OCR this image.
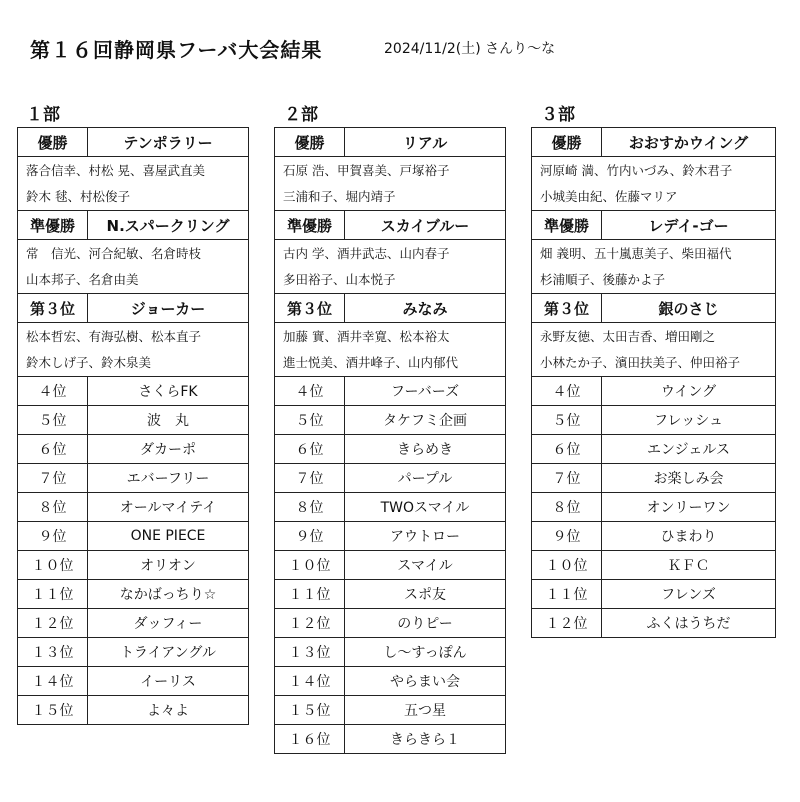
第１６回静岡県フーバ大会結果	2024/11/2(土) さんり〜な
１部
優勝	テンポラリー
落合信幸、村松 晃、喜屋武直美
鈴木 毬、村松俊子
準優勝	N.スパークリング
常　信光、河合紀敏、名倉時枝
山本邦子、名倉由美
第３位	ジョーカー
松本哲宏、有海弘樹、松本直子
鈴木しげ子、鈴木泉美
４位	さくらFK
５位	波　丸
６位	ダカーポ
７位	エバーフリー
８位	オールマイテイ
９位	ONE PIECE
１０位	オリオン
１１位	なかばっちり☆
１２位	ダッフィー
１３位	トライアングル
１４位	イーリス
１５位	よ々よ
２部
優勝	リアル
石原 浩、甲賀喜美、戸塚裕子
三浦和子、堀内靖子
準優勝	スカイブルー
古内 学、酒井武志、山内春子
多田裕子、山本悦子
第３位	みなみ
加藤 實、酒井幸寛、松本裕太
進士悦美、酒井峰子、山内郁代
４位	フーバーズ
５位	タケフミ企画
６位	きらめき
７位	パープル
８位	TWOスマイル
９位	アウトロー
１０位	スマイル
１１位	スポ友
１２位	のりピー
１３位	し〜すっぽん
１４位	やらまい会
１５位	五つ星
１６位	きらきら１
３部
優勝	おおすかウイング
河原崎 満、竹内いづみ、鈴木君子
小城美由紀、佐藤マリア
準優勝	レデイ-ゴー
畑 義明、五十嵐恵美子、柴田福代
杉浦順子、後藤かよ子
第３位	銀のさじ
永野友徳、太田吉香、増田剛之
小林たか子、濱田扶美子、仲田裕子
４位	ウイング
５位	フレッシュ
６位	エンジェルス
７位	お楽しみ会
８位	オンリーワン
９位	ひまわり
１０位	ＫＦＣ
１１位	フレンズ
１２位	ふくはうちだ
